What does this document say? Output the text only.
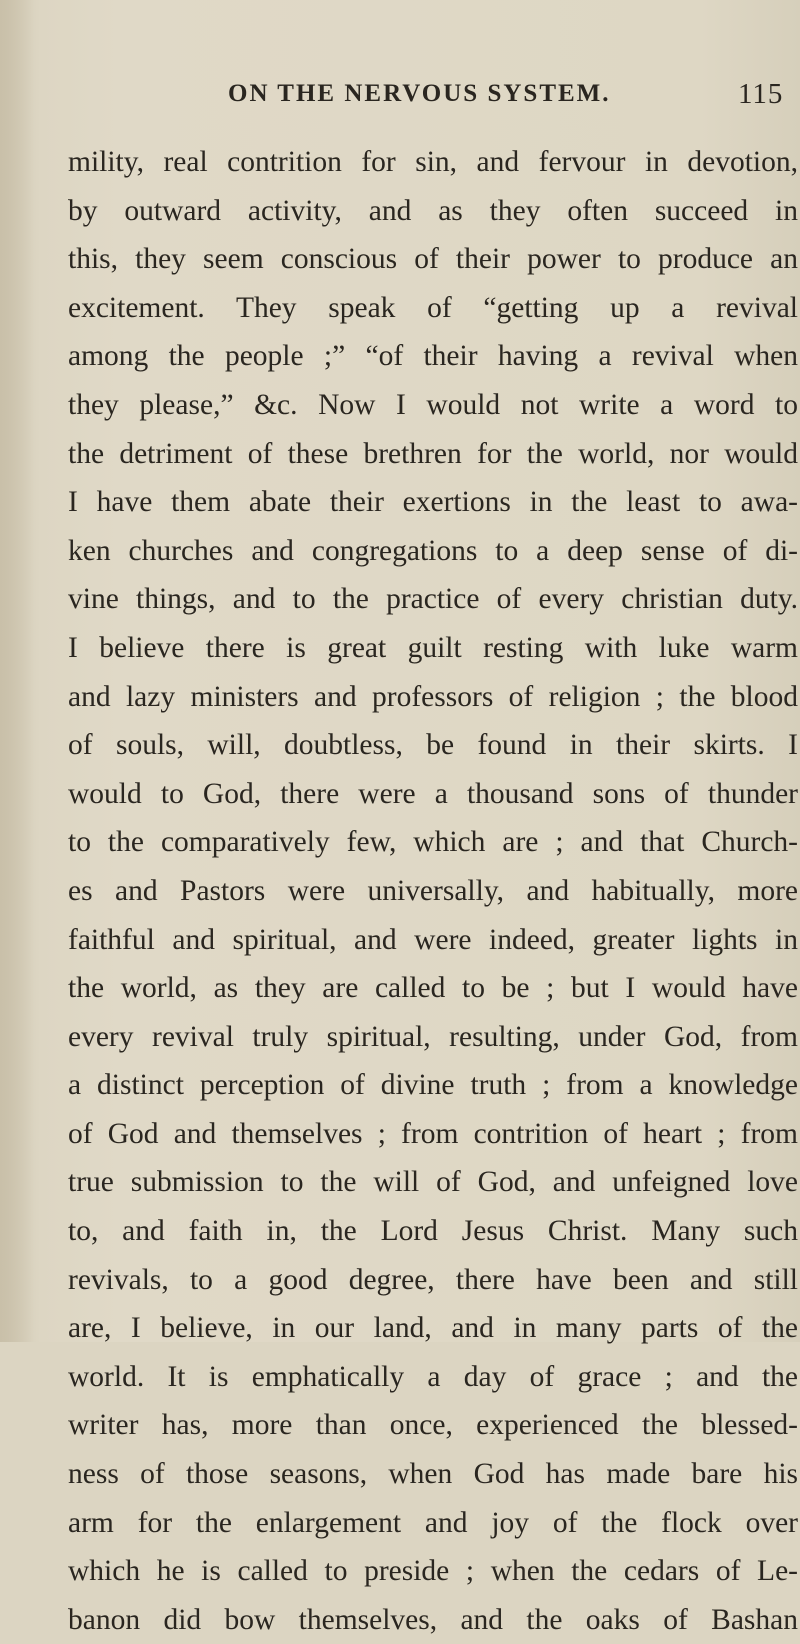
ON THE NERVOUS SYSTEM.	115
mility, real contrition for sin, and fervour in devotion,
by outward activity, and as they often succeed in
this, they seem conscious of their power to produce an
excitement. They speak of “getting up a revival
among the people ;” “of their having a revival when
they please,” &c. Now I would not write a word to
the detriment of these brethren for the world, nor would
I have them abate their exertions in the least to awa-
ken churches and congregations to a deep sense of di-
vine things, and to the practice of every christian duty.
I believe there is great guilt resting with luke warm
and lazy ministers and professors of religion ; the blood
of souls, will, doubtless, be found in their skirts. I
would to God, there were a thousand sons of thunder
to the comparatively few, which are ; and that Church-
es and Pastors were universally, and habitually, more
faithful and spiritual, and were indeed, greater lights in
the world, as they are called to be ; but I would have
every revival truly spiritual, resulting, under God, from
a distinct perception of divine truth ; from a knowledge
of God and themselves ; from contrition of heart ; from
true submission to the will of God, and unfeigned love
to, and faith in, the Lord Jesus Christ. Many such
revivals, to a good degree, there have been and still
are, I believe, in our land, and in many parts of the
world. It is emphatically a day of grace ; and the
writer has, more than once, experienced the blessed-
ness of those seasons, when God has made bare his
arm for the enlargement and joy of the flock over
which he is called to preside ; when the cedars of Le-
banon did bow themselves, and the oaks of Bashan
